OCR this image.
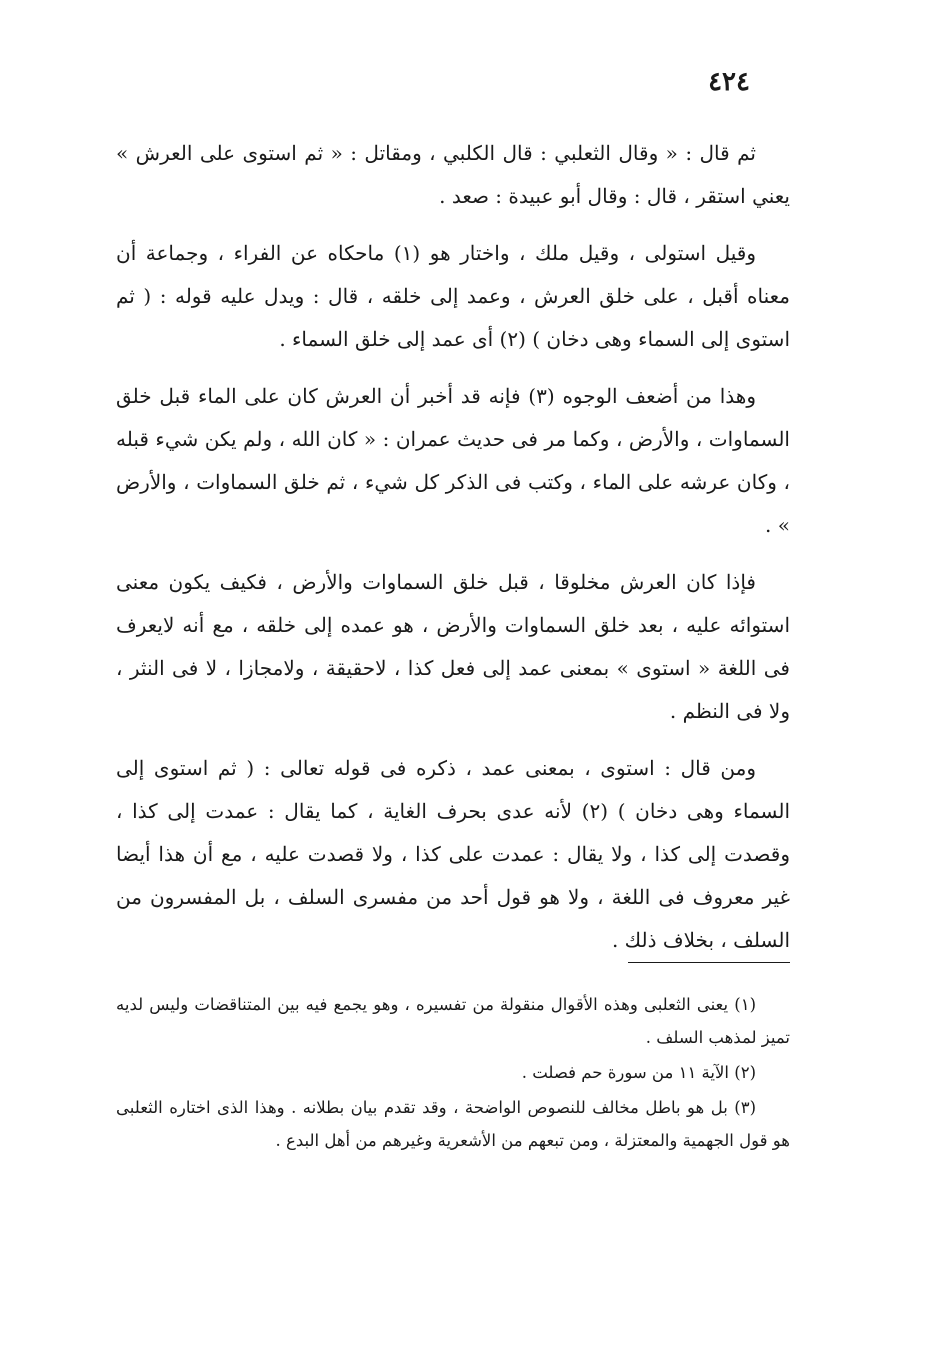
٤٢٤

ثم قال : « وقال الثعلبي : قال الكلبي ، ومقاتل : « ثم استوى على العرش » يعني استقر ، قال : وقال أبو عبيدة : صعد .

وقيل استولى ، وقيل ملك ، واختار هو (١) ماحكاه عن الفراء ، وجماعة أن معناه أقبل ، على خلق العرش ، وعمد إلى خلقه ، قال : ويدل عليه قوله : ( ثم استوى إلى السماء وهى دخان ) (٢) أى عمد إلى خلق السماء .

وهذا من أضعف الوجوه (٣) فإنه قد أخبر أن العرش كان على الماء قبل خلق السماوات ، والأرض ، وكما مر فى حديث عمران : « كان الله ، ولم يكن شيء قبله ، وكان عرشه على الماء ، وكتب فى الذكر كل شيء ، ثم خلق السماوات ، والأرض » .

فإذا كان العرش مخلوقا ، قبل خلق السماوات والأرض ، فكيف يكون معنى استوائه عليه ، بعد خلق السماوات والأرض ، هو عمده إلى خلقه ، مع أنه لايعرف فى اللغة « استوى » بمعنى عمد إلى فعل كذا ، لاحقيقة ، ولامجازا ، لا فى النثر ، ولا فى النظم .

ومن قال : استوى ، بمعنى عمد ، ذكره فى قوله تعالى : ( ثم استوى إلى السماء وهى دخان ) (٢) لأنه عدى بحرف الغاية ، كما يقال : عمدت إلى كذا ، وقصدت إلى كذا ، ولا يقال : عمدت على كذا ، ولا قصدت عليه ، مع أن هذا أيضا غير معروف فى اللغة ، ولا هو قول أحد من مفسرى السلف ، بل المفسرون من السلف ، بخلاف ذلك .

(١) يعنى الثعلبى وهذه الأقوال منقولة من تفسيره ، وهو يجمع فيه بين المتناقضات وليس لديه تميز لمذهب السلف .

(٢) الآية ١١ من سورة حم فصلت .

(٣) بل هو باطل مخالف للنصوص الواضحة ، وقد تقدم بيان بطلانه . وهذا الذى اختاره الثعلبى هو قول الجهمية والمعتزلة ، ومن تبعهم من الأشعرية وغيرهم من أهل البدع .
